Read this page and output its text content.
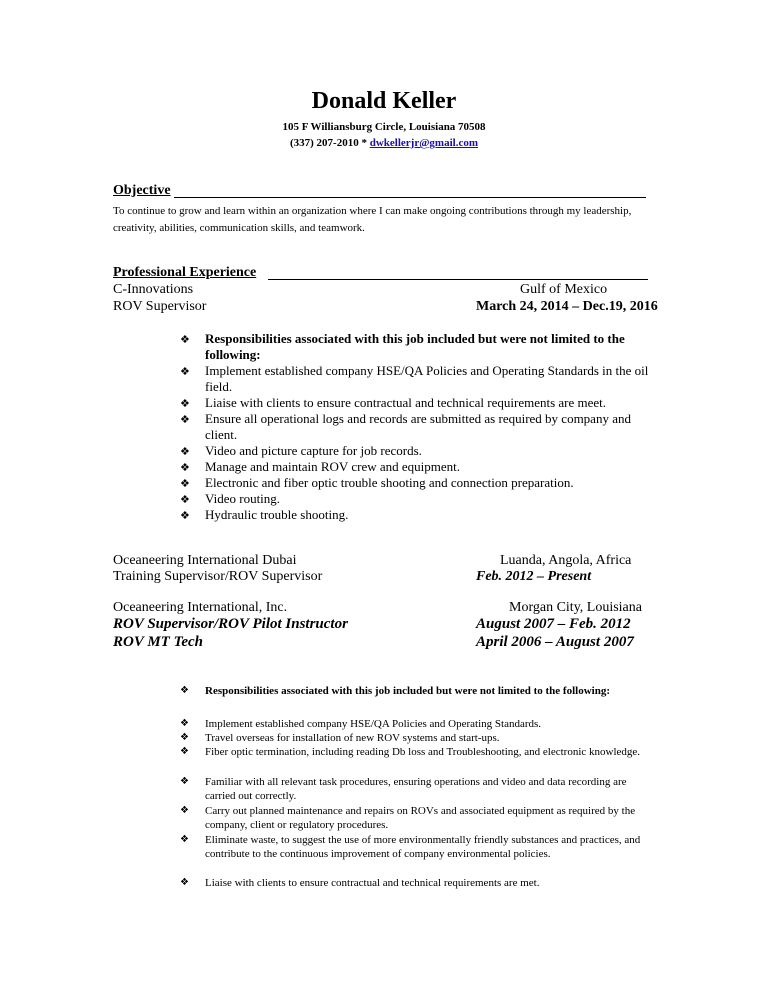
Donald Keller
105 F Williansburg Circle, Louisiana 70508
(337) 207-2010 * dwkellerjr@gmail.com
Objective
To continue to grow and learn within an organization where I can make ongoing contributions through my leadership, creativity, abilities, communication skills, and teamwork.
Professional Experience
C-Innovations	Gulf of Mexico
ROV Supervisor	March 24, 2014 – Dec.19, 2016
❖	Responsibilities associated with this job included but were not limited to the following:
❖	Implement established company HSE/QA Policies and Operating Standards in the oil field.
❖	Liaise with clients to ensure contractual and technical requirements are meet.
❖	Ensure all operational logs and records are submitted as required by company and client.
❖	Video and picture capture for job records.
❖	Manage and maintain ROV crew and equipment.
❖	Electronic and fiber optic trouble shooting and connection preparation.
❖	Video routing.
❖	Hydraulic trouble shooting.
Oceaneering International Dubai	Luanda, Angola, Africa
Training Supervisor/ROV Supervisor	Feb. 2012 – Present
Oceaneering International, Inc.	Morgan City, Louisiana
ROV Supervisor/ROV Pilot Instructor	August 2007 – Feb. 2012
ROV MT Tech	April 2006 – August 2007
❖	Responsibilities associated with this job included but were not limited to the following:
❖	Implement established company HSE/QA Policies and Operating Standards.
❖	Travel overseas for installation of new ROV systems and start-ups.
❖	Fiber optic termination, including reading Db loss and Troubleshooting, and electronic knowledge.
❖	Familiar with all relevant task procedures, ensuring operations and video and data recording are carried out correctly.
❖	Carry out planned maintenance and repairs on ROVs and associated equipment as required by the company, client or regulatory procedures.
❖	Eliminate waste, to suggest the use of more environmentally friendly substances and practices, and contribute to the continuous improvement of company environmental policies.
❖	Liaise with clients to ensure contractual and technical requirements are met.
